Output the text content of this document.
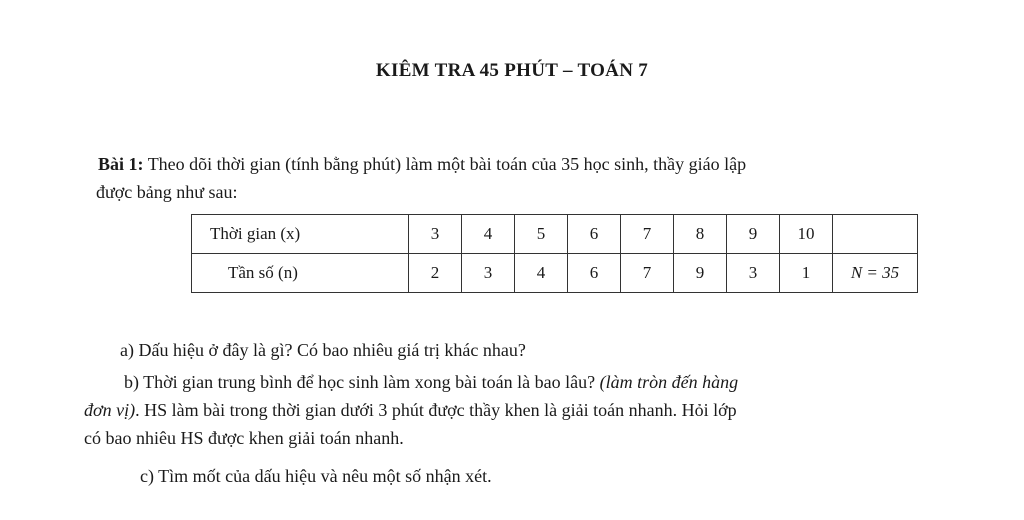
KIÊM TRA 45 PHÚT – TOÁN 7
Bài 1: Theo dõi thời gian (tính bằng phút) làm một bài toán của 35 học sinh, thầy giáo lập
được bảng như sau:
Thời gian (x)	3	4	5	6	7	8	9	10	
Tần số (n)	2	3	4	6	7	9	3	1	N = 35
a) Dấu hiệu ở đây là gì? Có bao nhiêu giá trị khác nhau?
b) Thời gian trung bình để học sinh làm xong bài toán là bao lâu? (làm tròn đến hàng
đơn vị). HS làm bài trong thời gian dưới 3 phút được thầy khen là giải toán nhanh. Hỏi lớp
có bao nhiêu HS được khen giải toán nhanh.
c) Tìm mốt của dấu hiệu và nêu một số nhận xét.
